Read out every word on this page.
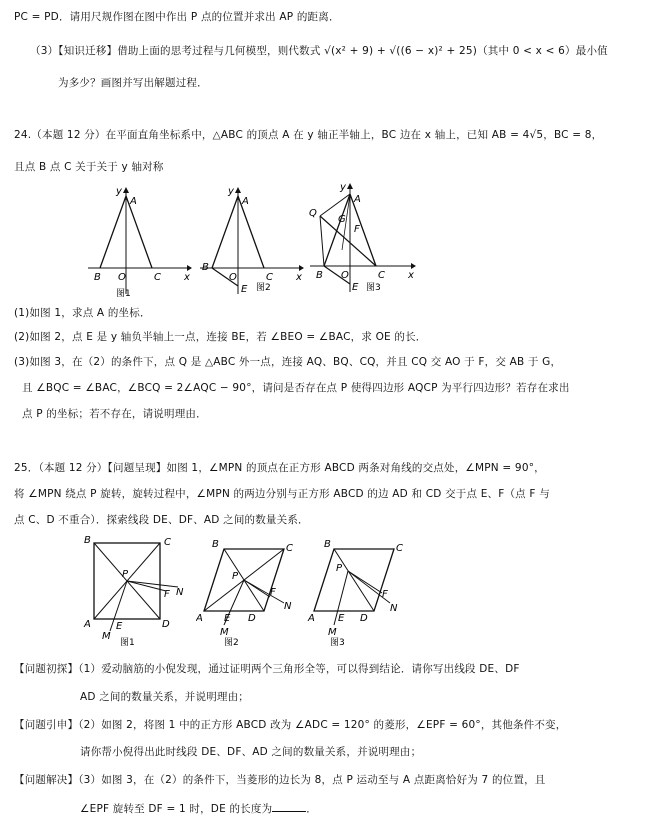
PC = PD．请用尺规作图在图中作出 P 点的位置并求出 AP 的距离．
（3）【知识迁移】借助上面的思考过程与几何模型，则代数式 √(x² + 9) + √((6 − x)² + 25)（其中 0 < x < 6）最小值
为多少？画图并写出解题过程．
24.（本题 12 分）在平面直角坐标系中，△ABC 的顶点 A 在 y 轴正半轴上，BC 边在 x 轴上，已知 AB = 4√5，BC = 8，
且点 B 点 C 关于关于 y 轴对称
y
A
B O	C x
图1
y
A
B
O	C x
E 图2
y
A
Q
G
F
B O	C x
E 图3
(1)如图 1，求点 A 的坐标．
(2)如图 2，点 E 是 y 轴负半轴上一点，连接 BE，若 ∠BEO = ∠BAC，求 OE 的长．
(3)如图 3，在（2）的条件下，点 Q 是 △ABC 外一点，连接 AQ、BQ、CQ，并且 CQ 交 AO 于 F，交 AB 于 G，
且 ∠BQC = ∠BAC，∠BCQ = 2∠AQC − 90°，请问是否存在点 P 使得四边形 AQCP 为平行四边形？若存在求出
点 P 的坐标；若不存在，请说明理由．
25．（本题 12 分）【问题呈现】如图 1，∠MPN 的顶点在正方形 ABCD 两条对角线的交点处，∠MPN = 90°，
将 ∠MPN 绕点 P 旋转，旋转过程中，∠MPN 的两边分别与正方形 ABCD 的边 AD 和 CD 交于点 E、F（点 F 与
点 C、D 不重合）．探索线段 DE、DF、AD 之间的数量关系．
B	C
P
F N
A	E	D
M
图1
B	C
P
F
N
A E D
M
图2
B	C
P
F
N
A E D
M
图3
【问题初探】（1）爱动脑筋的小倪发现，通过证明两个三角形全等，可以得到结论．请你写出线段 DE、DF
AD 之间的数量关系，并说明理由；
【问题引申】（2）如图 2，将图 1 中的正方形 ABCD 改为 ∠ADC = 120° 的菱形，∠EPF = 60°，其他条件不变，
请你帮小倪得出此时线段 DE、DF、AD 之间的数量关系，并说明理由；
【问题解决】（3）如图 3，在（2）的条件下，当菱形的边长为 8，点 P 运动至与 A 点距离恰好为 7 的位置，且
∠EPF 旋转至 DF = 1 时，DE 的长度为	．
